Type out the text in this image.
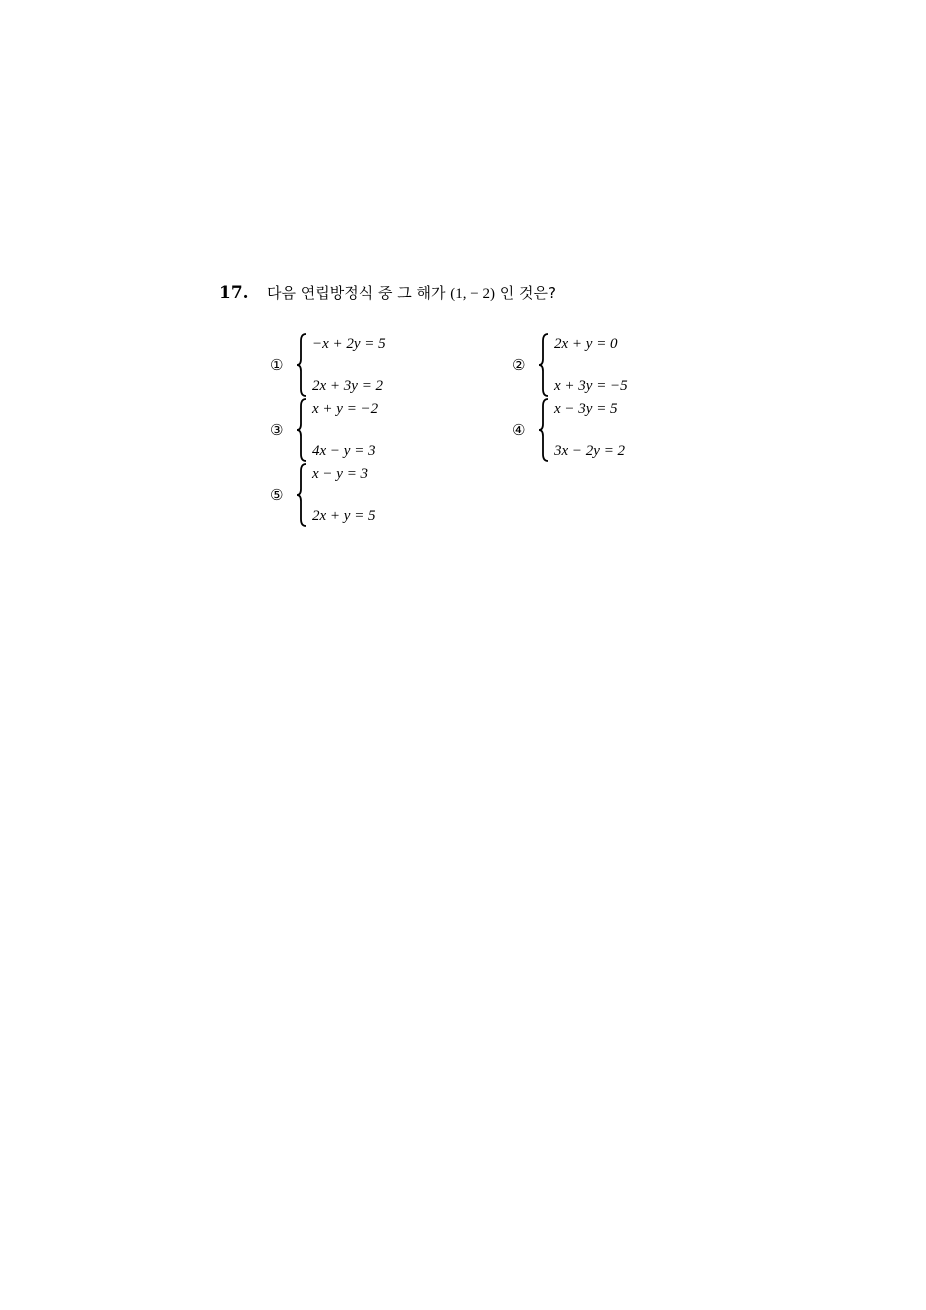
17.	다음 연립방정식 중 그 해가 (1, − 2) 인 것은?
①
−x + 2y = 5
2x + 3y = 2
②
2x + y = 0
x + 3y = −5
③
x + y = −2
4x − y = 3
④
x − 3y = 5
3x − 2y = 2
⑤
x − y = 3
2x + y = 5
